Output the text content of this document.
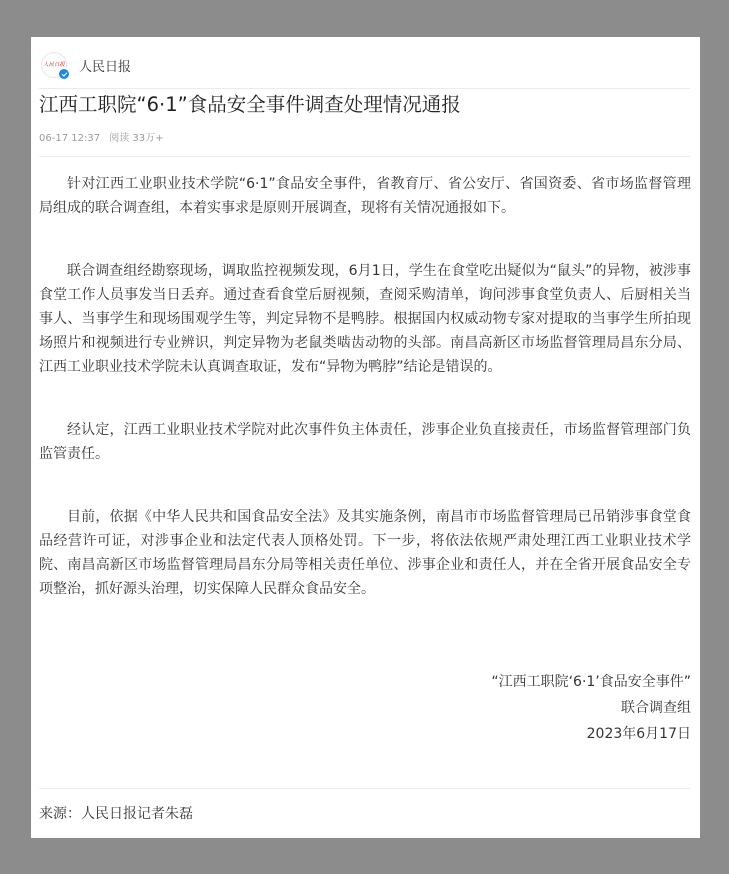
人民日报 人民日报
江西工职院“6·1”食品安全事件调查处理情况通报
06-17 12:37 阅读 33万+

针对江西工业职业技术学院“6·1”食品安全事件，省教育厅、省公安厅、省国资委、省市场监督管理局组成的联合调查组，本着实事求是原则开展调查，现将有关情况通报如下。

联合调查组经勘察现场，调取监控视频发现，6月1日，学生在食堂吃出疑似为“鼠头”的异物，被涉事食堂工作人员事发当日丢弃。通过查看食堂后厨视频，查阅采购清单，询问涉事食堂负责人、后厨相关当事人、当事学生和现场围观学生等，判定异物不是鸭脖。根据国内权威动物专家对提取的当事学生所拍现场照片和视频进行专业辨识，判定异物为老鼠类啮齿动物的头部。南昌高新区市场监督管理局昌东分局、江西工业职业技术学院未认真调查取证，发布“异物为鸭脖”结论是错误的。

经认定，江西工业职业技术学院对此次事件负主体责任，涉事企业负直接责任，市场监督管理部门负监管责任。

目前，依据《中华人民共和国食品安全法》及其实施条例，南昌市市场监督管理局已吊销涉事食堂食品经营许可证，对涉事企业和法定代表人顶格处罚。下一步，将依法依规严肃处理江西工业职业技术学院、南昌高新区市场监督管理局昌东分局等相关责任单位、涉事企业和责任人，并在全省开展食品安全专项整治，抓好源头治理，切实保障人民群众食品安全。

“江西工职院‘6·1’食品安全事件”
联合调查组
2023年6月17日
来源：人民日报记者朱磊
